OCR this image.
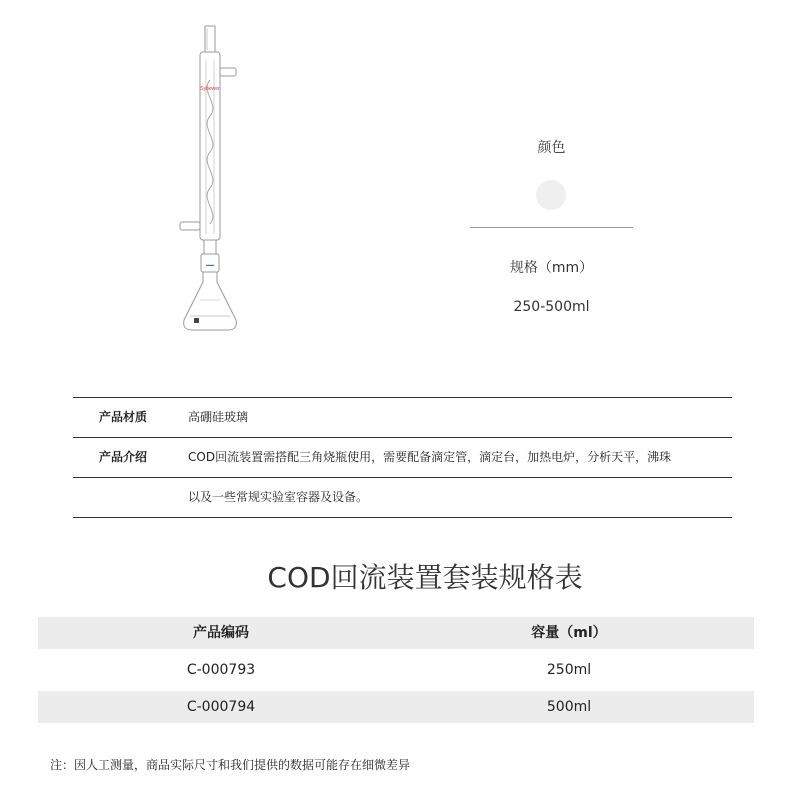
Sybewer
▬▬
颜色
规格（mm）
250-500ml
产品材质	高硼硅玻璃
产品介绍	COD回流装置需搭配三角烧瓶使用，需要配备滴定管，滴定台，加热电炉，分析天平，沸珠
以及一些常规实验室容器及设备。
COD回流装置套装规格表
产品编码	容量（ml）
C-000793	250ml
C-000794	500ml
注：因人工测量，商品实际尺寸和我们提供的数据可能存在细微差异
